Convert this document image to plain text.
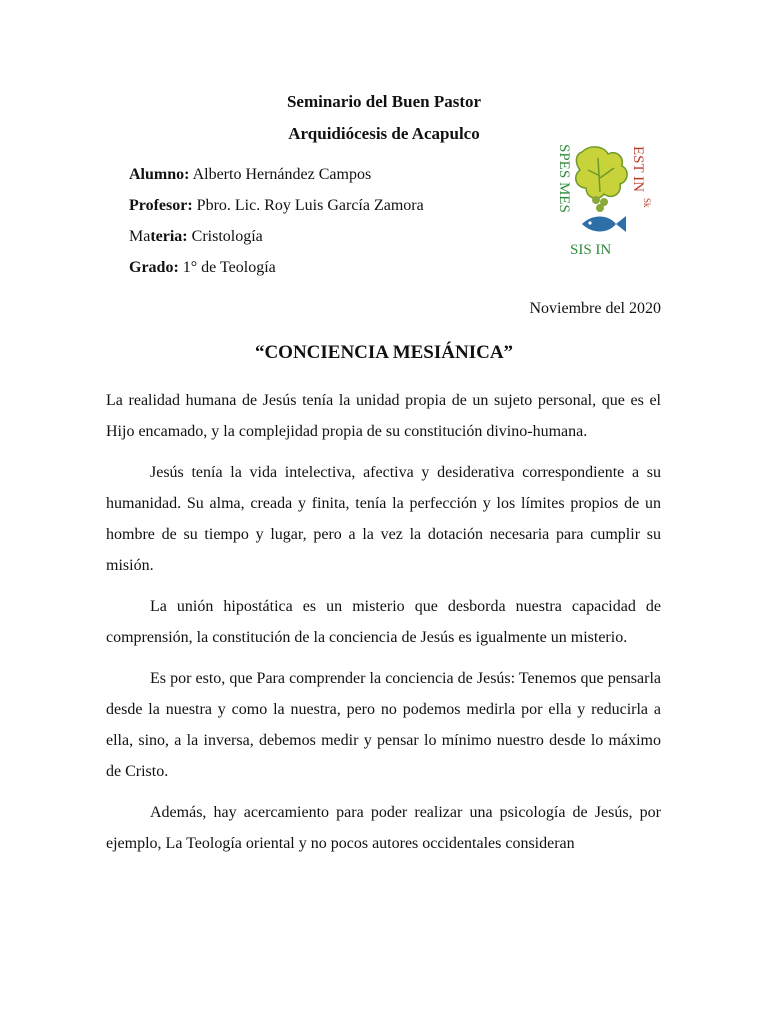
Seminario del Buen Pastor
Arquidiócesis de Acapulco
Alumno: Alberto Hernández Campos
Profesor: Pbro. Lic. Roy Luis García Zamora
Materia: Cristología
Grado: 1° de Teología
SPES MES	EST IN
Sk
SIS IN
Noviembre del 2020
“CONCIENCIA MESIÁNICA”

La realidad humana de Jesús tenía la unidad propia de un sujeto personal, que es el Hijo encamado, y la complejidad propia de su constitución divino-humana.

Jesús tenía la vida intelectiva, afectiva y desiderativa correspondiente a su humanidad. Su alma, creada y finita, tenía la perfección y los límites propios de un hombre de su tiempo y lugar, pero a la vez la dotación necesaria para cumplir su misión.

La unión hipostática es un misterio que desborda nuestra capacidad de comprensión, la constitución de la conciencia de Jesús es igualmente un misterio.

Es por esto, que Para comprender la conciencia de Jesús: Tenemos que pensarla desde la nuestra y como la nuestra, pero no podemos medirla por ella y reducirla a ella, sino, a la inversa, debemos medir y pensar lo mínimo nuestro desde lo máximo de Cristo.

Además, hay acercamiento para poder realizar una psicología de Jesús, por ejemplo, La Teología oriental y no pocos autores occidentales consideran
